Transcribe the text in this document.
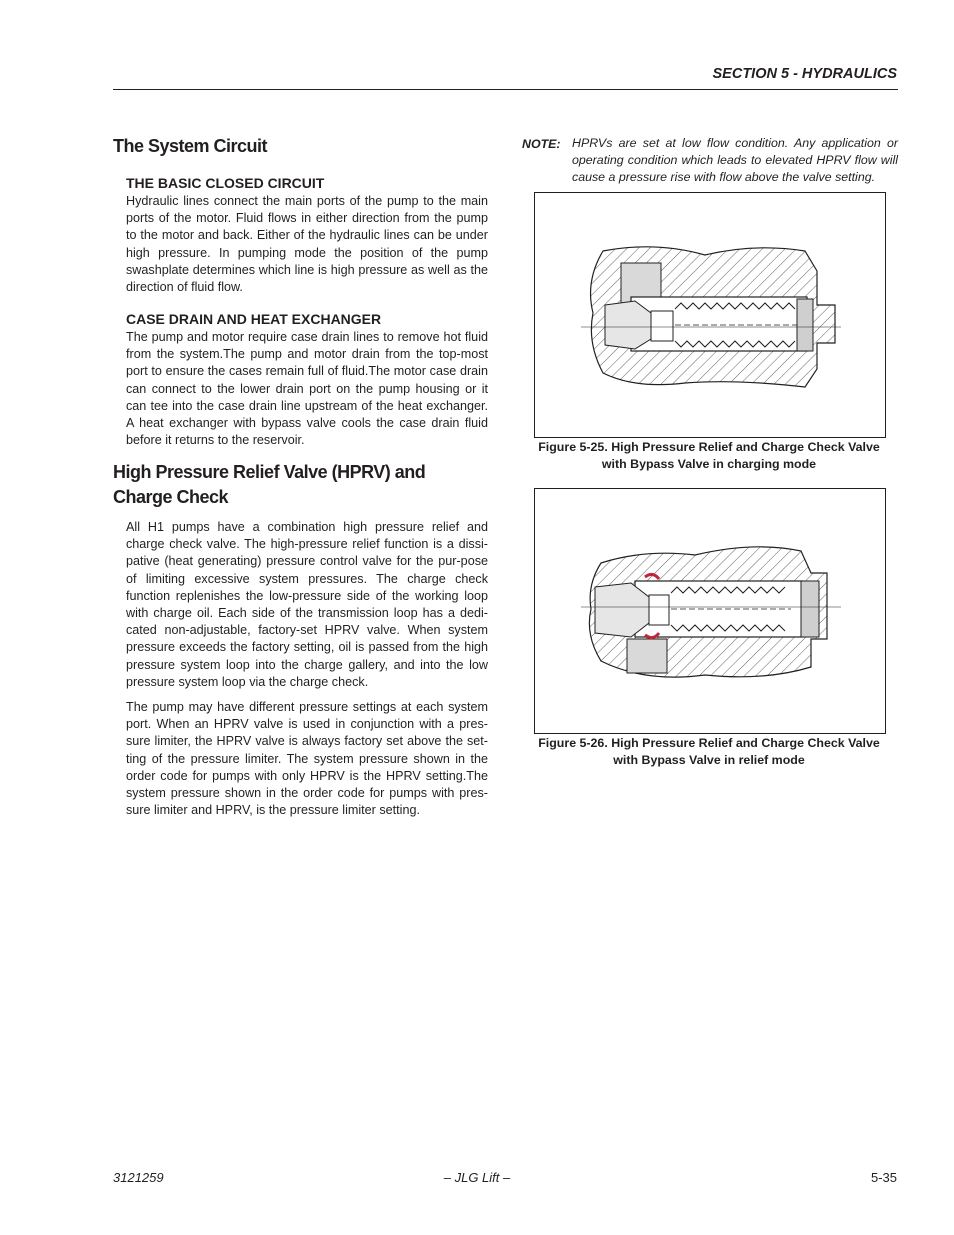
SECTION 5 - HYDRAULICS
The System Circuit
THE BASIC CLOSED CIRCUIT
Hydraulic lines connect the main ports of the pump to the main ports of the motor. Fluid flows in either direction from the pump to the motor and back. Either of the hydraulic lines can be under high pressure. In pumping mode the position of the pump swashplate determines which line is high pressure as well as the direction of fluid flow.
CASE DRAIN AND HEAT EXCHANGER
The pump and motor require case drain lines to remove hot fluid from the system.The pump and motor drain from the top-most port to ensure the cases remain full of fluid.The motor case drain can connect to the lower drain port on the pump housing or it can tee into the case drain line upstream of the heat exchanger. A heat exchanger with bypass valve cools the case drain fluid before it returns to the reservoir.
High Pressure Relief Valve (HPRV) and Charge Check
All H1 pumps have a combination high pressure relief and charge check valve. The high-pressure relief function is a dissi-pative (heat generating) pressure control valve for the pur-pose of limiting excessive system pressures. The charge check function replenishes the low-pressure side of the working loop with charge oil. Each side of the transmission loop has a dedi-cated non-adjustable, factory-set HPRV valve. When system pressure exceeds the factory setting, oil is passed from the high pressure system loop into the charge gallery, and into the low pressure system loop via the charge check.
The pump may have different pressure settings at each system port. When an HPRV valve is used in conjunction with a pres-sure limiter, the HPRV valve is always factory set above the set-ting of the pressure limiter. The system pressure shown in the order code for pumps with only HPRV is the HPRV setting.The system pressure shown in the order code for pumps with pres-sure limiter and HPRV, is the pressure limiter setting.
NOTE: HPRVs are set at low flow condition. Any application or operating condition which leads to elevated HPRV flow will cause a pressure rise with flow above the valve setting.
Figure 5-25. High Pressure Relief and Charge Check Valve
with Bypass Valve in charging mode
Figure 5-26. High Pressure Relief and Charge Check Valve
with Bypass Valve in relief mode
3121259	– JLG Lift –	5-35
